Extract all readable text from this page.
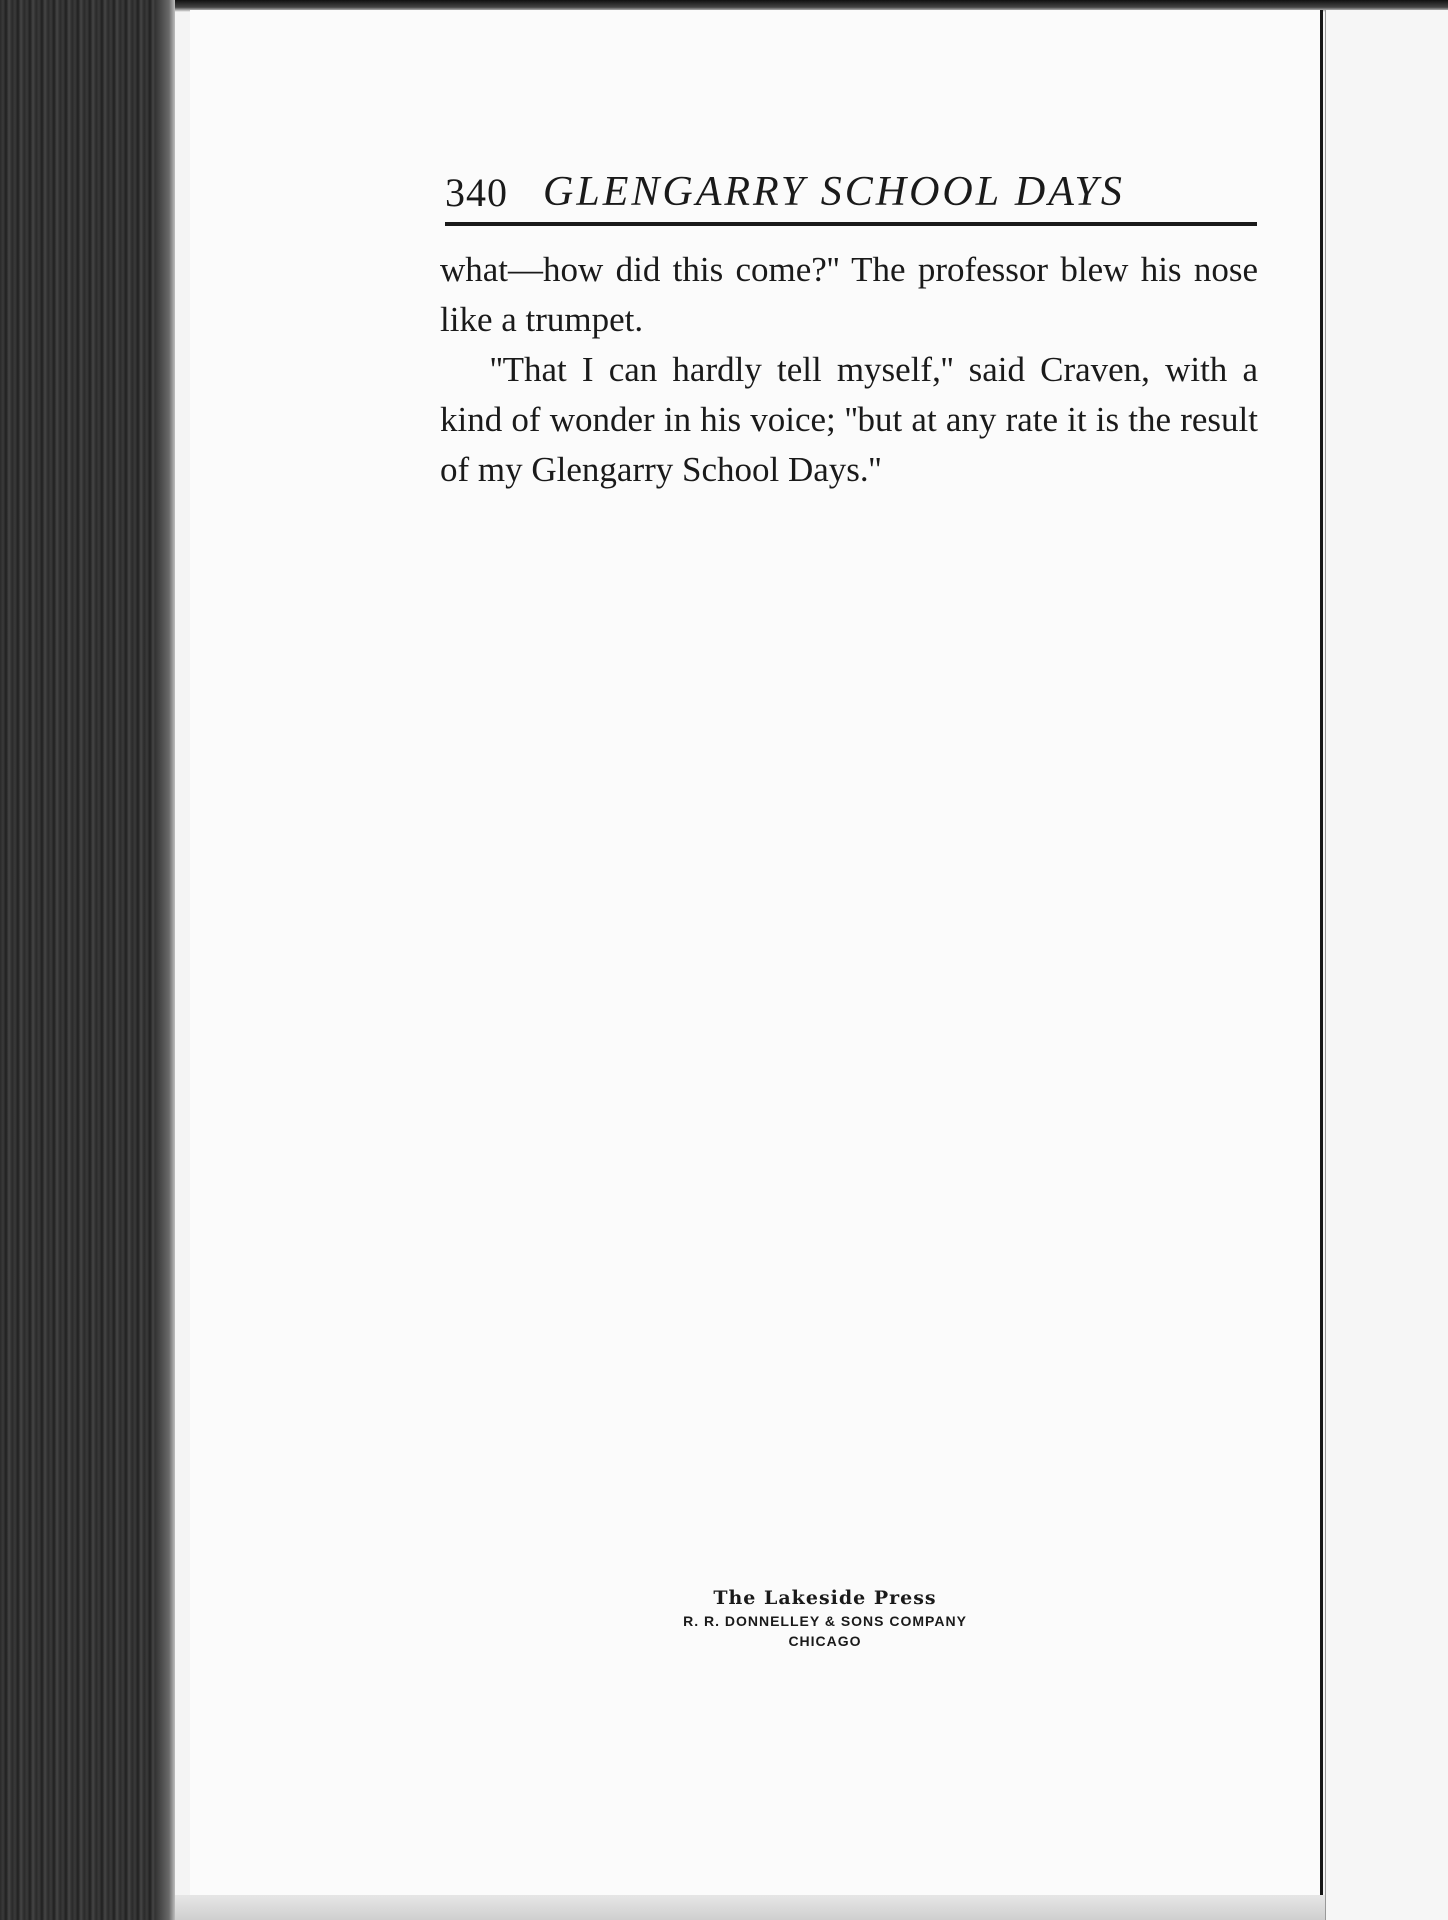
340 GLENGARRY SCHOOL DAYS

what—how did this come?'' The professor blew his nose like a trumpet.

''That I can hardly tell myself,'' said Craven, with a kind of wonder in his voice; ''but at any rate it is the result of my Glengarry School Days.''

The Lakeside Press
R. R. DONNELLEY & SONS COMPANY
CHICAGO
